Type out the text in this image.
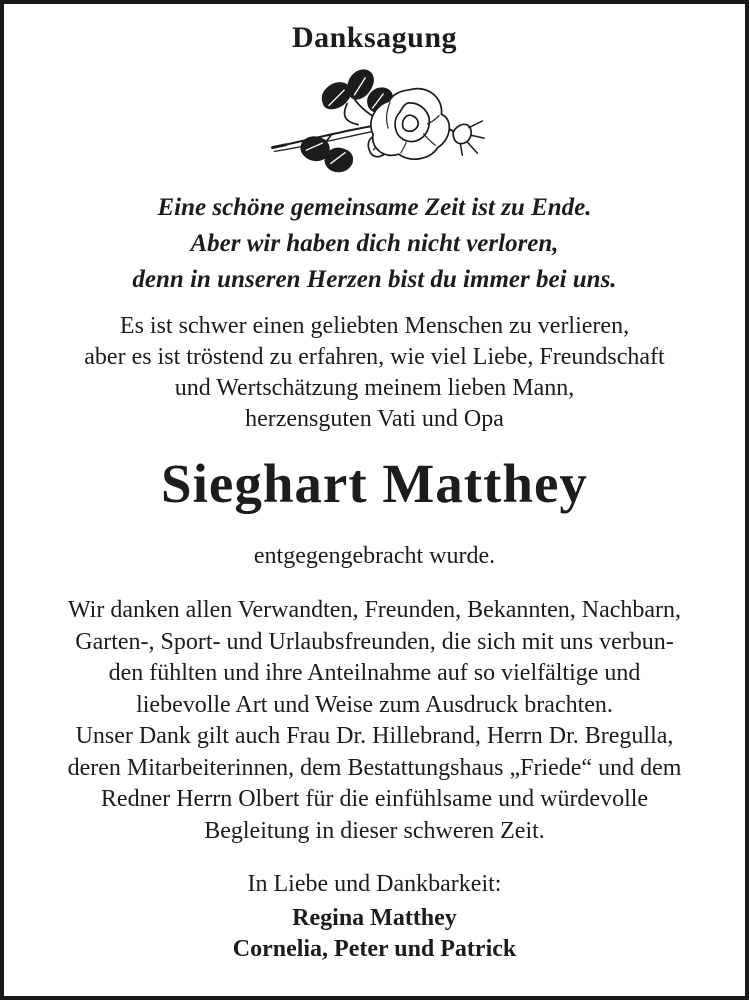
Danksagung
Eine schöne gemeinsame Zeit ist zu Ende.
Aber wir haben dich nicht verloren,
denn in unseren Herzen bist du immer bei uns.
Es ist schwer einen geliebten Menschen zu verlieren,
aber es ist tröstend zu erfahren, wie viel Liebe, Freundschaft
und Wertschätzung meinem lieben Mann,
herzensguten Vati und Opa
Sieghart Matthey
entgegengebracht wurde.
Wir danken allen Verwandten, Freunden, Bekannten, Nachbarn,
Garten-, Sport- und Urlaubsfreunden, die sich mit uns verbun-
den fühlten und ihre Anteilnahme auf so vielfältige und
liebevolle Art und Weise zum Ausdruck brachten.
Unser Dank gilt auch Frau Dr. Hillebrand, Herrn Dr. Bregulla,
deren Mitarbeiterinnen, dem Bestattungshaus „Friede“ und dem
Redner Herrn Olbert für die einfühlsame und würdevolle
Begleitung in dieser schweren Zeit.
In Liebe und Dankbarkeit:
Regina Matthey
Cornelia, Peter und Patrick
